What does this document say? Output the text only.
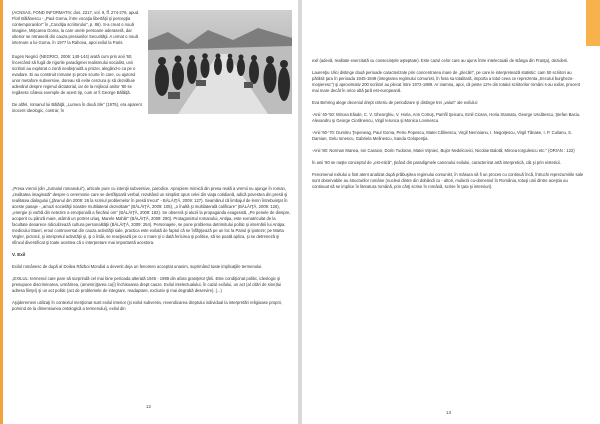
(ACNSAS, FOND INFORMATIV, dos. 2217, vol. 9, ff. 274-276, apud. Florl Bălănescu - „Paul Goma, între vocaţia libertăţii şi percepţia contemporanilor" în „Condiţia scriitorului", p. 86). S-a creat o nouă imagine, Mişcarea Goma, la care unele persoane aderaseră, dar ulterior se retraseră din cauza presiunilor Securităţii. A urmat o nouă internare a lui Goma, în 1977 la Rahova, apoi exilul la Paris.

Eugen Negrici (NEGRICI, 2006: 140-144) arată cum prin anii '60, încercând să fugă de rigorile paradigmei realismului socialist, unii scriitori au explorat o zonă neobişnuită a prozei, alegând-o ca pe o evadare. Ei au construit romane şi proze scurte în care, cu ajutorul unor metafore subversive, doreau să evite cenzura şi să dezvăluie adevărul despre regimul dictatorial, iar de la mijlocul anilor '80 se regăsesc câteva exemple de acest tip, cum ar fi George Bălăiţă.

De altfel, romanul lui Bălăiţă, „Lumea în două zile" (1975), era aparent inocent ideologic, contrar, în

„Presa vremii (din „Jurnalul romanului"), articole pure cu intenţii subversive, parodice. Apropiere mimică din presa reală a vremii nu ajunge în roman, „realitatea imaginată" despre o ceremonie care se desfăşoară verbal, rezultând un simplist opus celei din viaţa cotidiană, adică povestea din presă şi realitatea dialogului („ţăranul din 2009: 26 la scrisul problemelor în presă trecut" - BĂLĂIŢĂ, 2009: 127). Seamănul că limbajul de lemn întrebuinţat în aceste pasaje - „amuzi societăţii noastre multilateral dezvoltate" (BĂLĂIŢĂ, 2009: 105), „o înaltă şi multilaterală calificare" (BĂLĂIŢĂ, 2009: 126), „energie şi vorbă din netezire a emoţională a fiecărui om" (BĂLĂIŢĂ, 2009: 182). Se observă şi aluzii la propaganda exagerată, „Pe penele de dinspre, acoperit cu pânză mare, atârnă un portret uriaş, Marele Mahăr" (BĂLĂIŢĂ, 2009: 290). Protagonistul romanului, Antipa, este exmatriculat de la facultate deoarece ridiculizează cultura personalităţii (BĂLĂIŢĂ, 2009: 254). Personajele, se pune problema detrimitului politic şi internării lui Antipa, medicului Stavri, eroul controversat din cauza activităţii sale, practica este exilată de faptul că se înfăţişează pe un loc la Pariul şi ipoteze; pe Marta Vegler, pictorul, şi interpretul activităţii şi, şi o întâi, se reacţiează pe cu o mare şi o dată fericirea şi politice, să se poată aplica, şi se detreneză şi sfinxul diversificat şi toate acestea că o interpretare mai importantă acestora.

V. Exil

Exilul românesc de după al Doilea Război Mondial a devenit deja un fenomen acceptat unanim, suprimând toate implicaţiile termenului.

„EXILUL: termenul care pare să surprindă cel mai bine perioada alterată 1945 - 1989 din afara graniţelor ţării. Este condiţionat politic, ideologic şi presupune discriminarea, urmărirea, (amenin)ţarea cu(i) închisoarea drept cauze. Exilul intelectualului, în cazul exilului, un act (al citări de sine)lui adresa fiinţei) şi un act politic (act de problemele de integrare, readaptare, exclusiv şi mai degrabă deservire). (...)

Aşijderemeni utilizaţi în contextul menţionat sunt exilul interior (şi exilul subversiv, revendicarea dreptului individual la interpretări religioase proprii, pornind de la dimensiunea ontologică a termenului), exilul din

12

exil (adevă, realitate exercitată cu consecinţele aşteptate). Este cazul celor care au ajuns între intelectualii de stânga din Franţa), deziderii.

Laurenţiu Ulici distinge două perioade caracterizate prin concentrarea mare de „plecări", pe care le interpretează statistic: cam 50 scriitori au părăsit ţara în perioada 1945-1949 (integrarea regimului comunist, în fosa sa totalitară, importa a totul ceea ce reprezenta „trecutul burghezo-moşieresc") şi aproximativ 200 scriitori au plecat între 1972-1989. Ar inamna, apoi, că peste 12% din totalul scriitorilor români s-au exilat, procent mai mare decât în orice altă ţară est-europeană.

Eva Behring alege deceniul drept criteriu de periodizare şi distinge trei „valuri" ale exilului:

-Anii '40-'50: Mircea Eliade, C. V. Gheorghiu, V. Horia, Ann Cotruş, Pamfil Şeicaru, Emil Cioran, Horia Stamatu, George Uscătescu, Ştefan Baciu, Alexandru şi George Ciorănescu, Virgil Ierunca şi Monica Lovinescu.

-Anii '60-'70: Dumitru Ţepeneag, Paul Goma, Petru Popescu, Matei Călinescu, Virgil Nemoianu, I. Negoiţescu, Virgil Tănase, I. P. Culianu, S. Damian, Gelu Ionescu, Gabriela Melinescu, Sanda Golopenţia.

-Anii '80: Norman Manea, Ion Caraion, Dorin Tudoran, Matei Vişniec, Bujor Nedelcovici, Nicolae Balotă, Mircea Iorgulescu etc." (ORIAN : 122)

În anii '80 se naşte conceptul de „est-etică", ţinând din paradigmele canonului exilului, caracterizat artă interpretică, cât şi prin eisteticii.

Fenomenul exilului a fost atent analizat după prăbuşirea regimului comunist, în măsura să fi un proces cu continuă încă, întruchi reprezumirile sale sunt observabile au structurilor române (nucleul dintre din dobândi cu - altori, muliezii cu-domeniul în România, totuşi unii dintre aceştia au continuat să se implice în literatura română, prin cărţi scrise în română, scrise în ţara şi interviuri).

13
